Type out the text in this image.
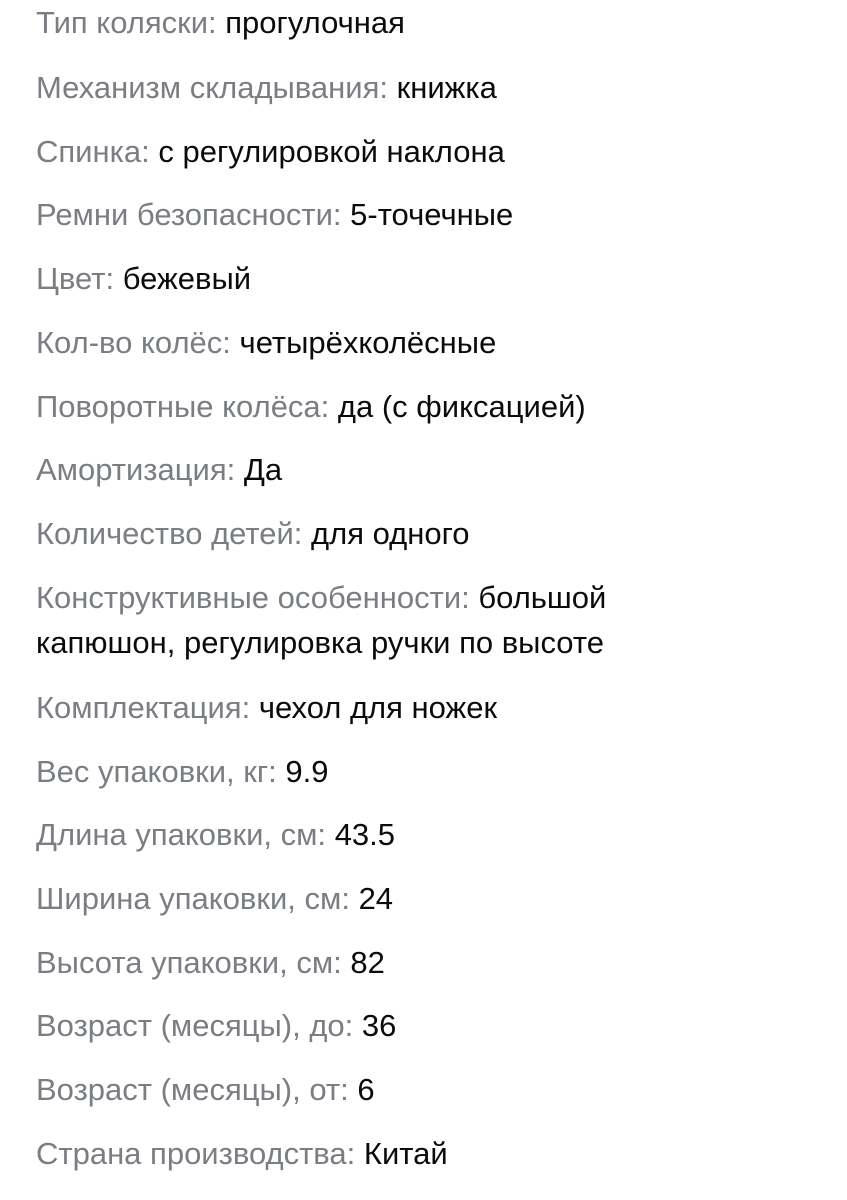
Тип коляски: прогулочная

Механизм складывания: книжка

Спинка: с регулировкой наклона

Ремни безопасности: 5-точечные

Цвет: бежевый

Кол-во колёс: четырёхколёсные

Поворотные колёса: да (с фиксацией)

Амортизация: Да

Количество детей: для одного

Конструктивные особенности: большой капюшон, регулировка ручки по высоте

Комплектация: чехол для ножек

Вес упаковки, кг: 9.9

Длина упаковки, см: 43.5

Ширина упаковки, см: 24

Высота упаковки, см: 82

Возраст (месяцы), до: 36

Возраст (месяцы), от: 6

Страна производства: Китай
